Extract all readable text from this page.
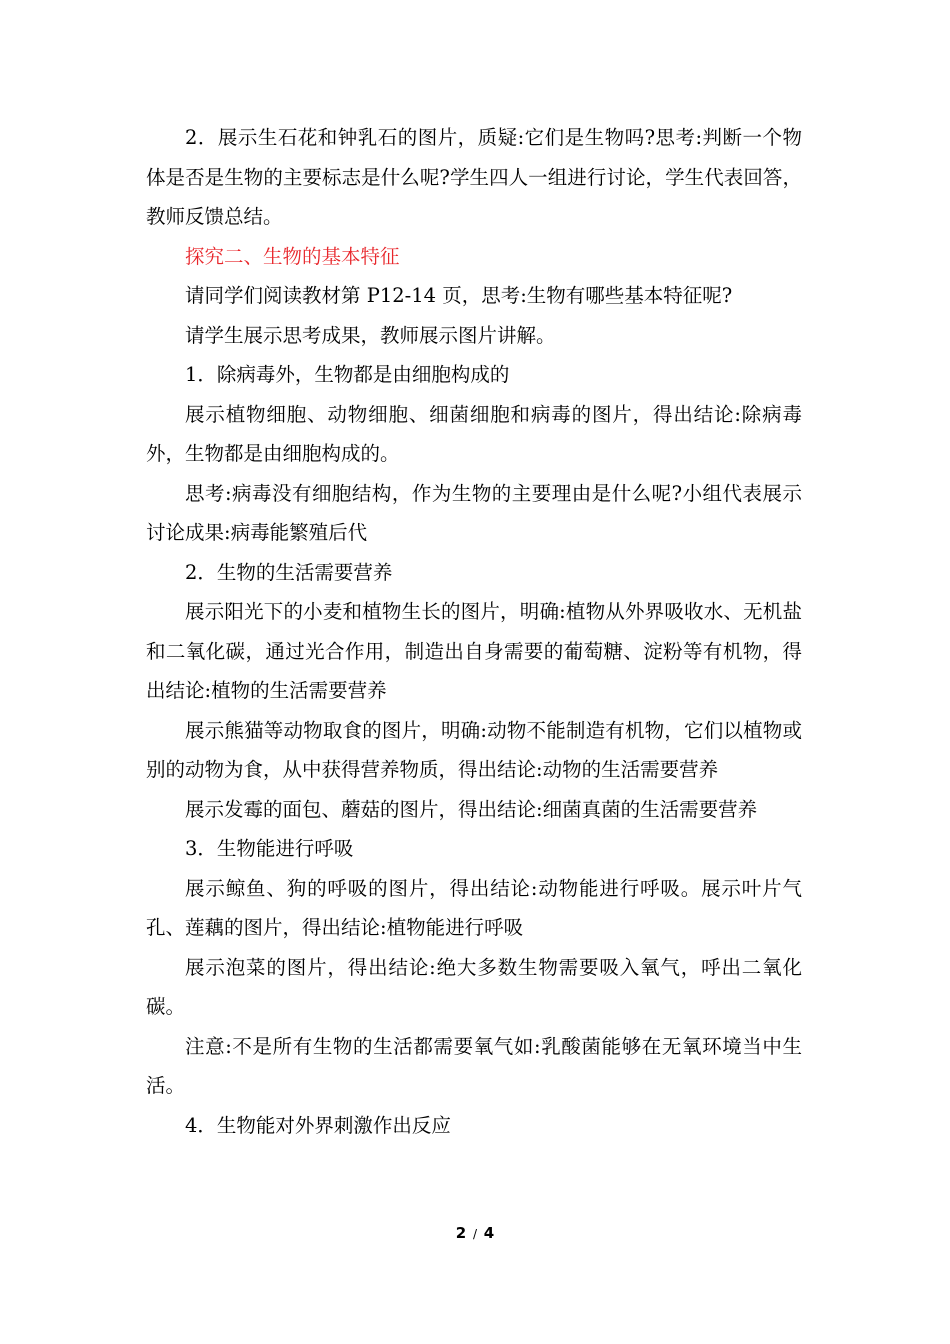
2．展示生石花和钟乳石的图片，质疑:它们是生物吗?思考:判断一个物体是否是生物的主要标志是什么呢?学生四人一组进行讨论，学生代表回答，教师反馈总结。

探究二、生物的基本特征

请同学们阅读教材第 P12-14 页，思考:生物有哪些基本特征呢?

请学生展示思考成果，教师展示图片讲解。

1．除病毒外，生物都是由细胞构成的

展示植物细胞、动物细胞、细菌细胞和病毒的图片，得出结论:除病毒外，生物都是由细胞构成的。

思考:病毒没有细胞结构，作为生物的主要理由是什么呢?小组代表展示讨论成果:病毒能繁殖后代

2．生物的生活需要营养

展示阳光下的小麦和植物生长的图片，明确:植物从外界吸收水、无机盐和二氧化碳，通过光合作用，制造出自身需要的葡萄糖、淀粉等有机物，得出结论:植物的生活需要营养

展示熊猫等动物取食的图片，明确:动物不能制造有机物，它们以植物或别的动物为食，从中获得营养物质，得出结论:动物的生活需要营养

展示发霉的面包、蘑菇的图片，得出结论:细菌真菌的生活需要营养

3．生物能进行呼吸

展示鲸鱼、狗的呼吸的图片，得出结论:动物能进行呼吸。展示叶片气孔、莲藕的图片，得出结论:植物能进行呼吸

展示泡菜的图片，得出结论:绝大多数生物需要吸入氧气，呼出二氧化碳。

注意:不是所有生物的生活都需要氧气如:乳酸菌能够在无氧环境当中生活。

4．生物能对外界刺激作出反应

2 / 4
